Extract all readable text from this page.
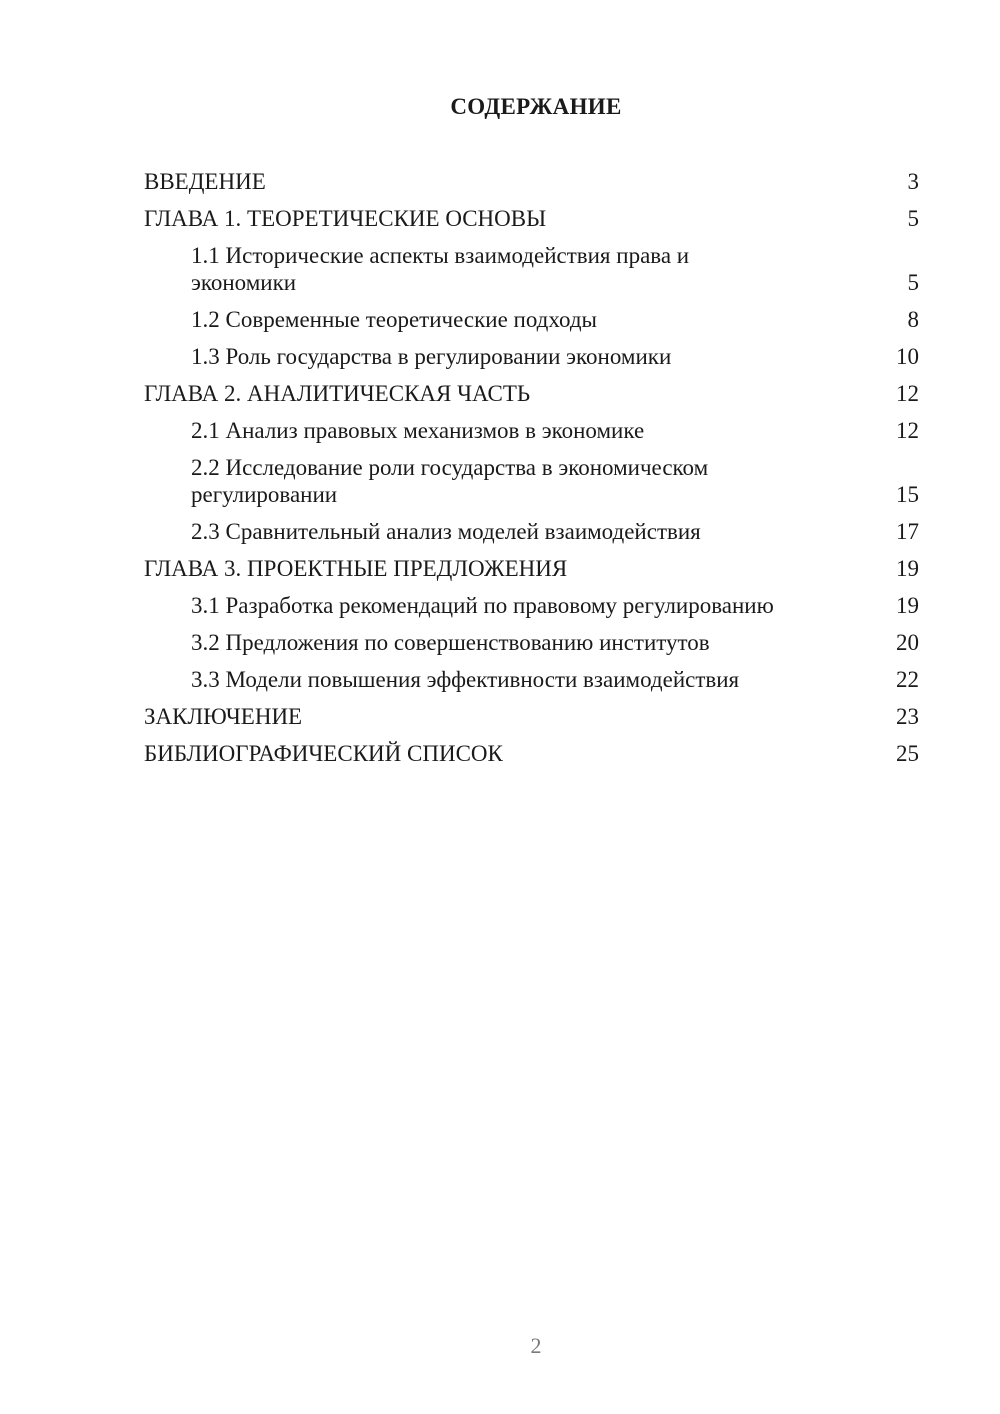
СОДЕРЖАНИЕ
ВВЕДЕНИЕ	3
ГЛАВА 1. ТЕОРЕТИЧЕСКИЕ ОСНОВЫ	5
1.1 Исторические аспекты взаимодействия права и экономики	5
1.2 Современные теоретические подходы	8
1.3 Роль государства в регулировании экономики	10
ГЛАВА 2. АНАЛИТИЧЕСКАЯ ЧАСТЬ	12
2.1 Анализ правовых механизмов в экономике	12
2.2 Исследование роли государства в экономическом регулировании	15
2.3 Сравнительный анализ моделей взаимодействия	17
ГЛАВА 3. ПРОЕКТНЫЕ ПРЕДЛОЖЕНИЯ	19
3.1 Разработка рекомендаций по правовому регулированию	19
3.2 Предложения по совершенствованию институтов	20
3.3 Модели повышения эффективности взаимодействия	22
ЗАКЛЮЧЕНИЕ	23
БИБЛИОГРАФИЧЕСКИЙ СПИСОК	25
2
